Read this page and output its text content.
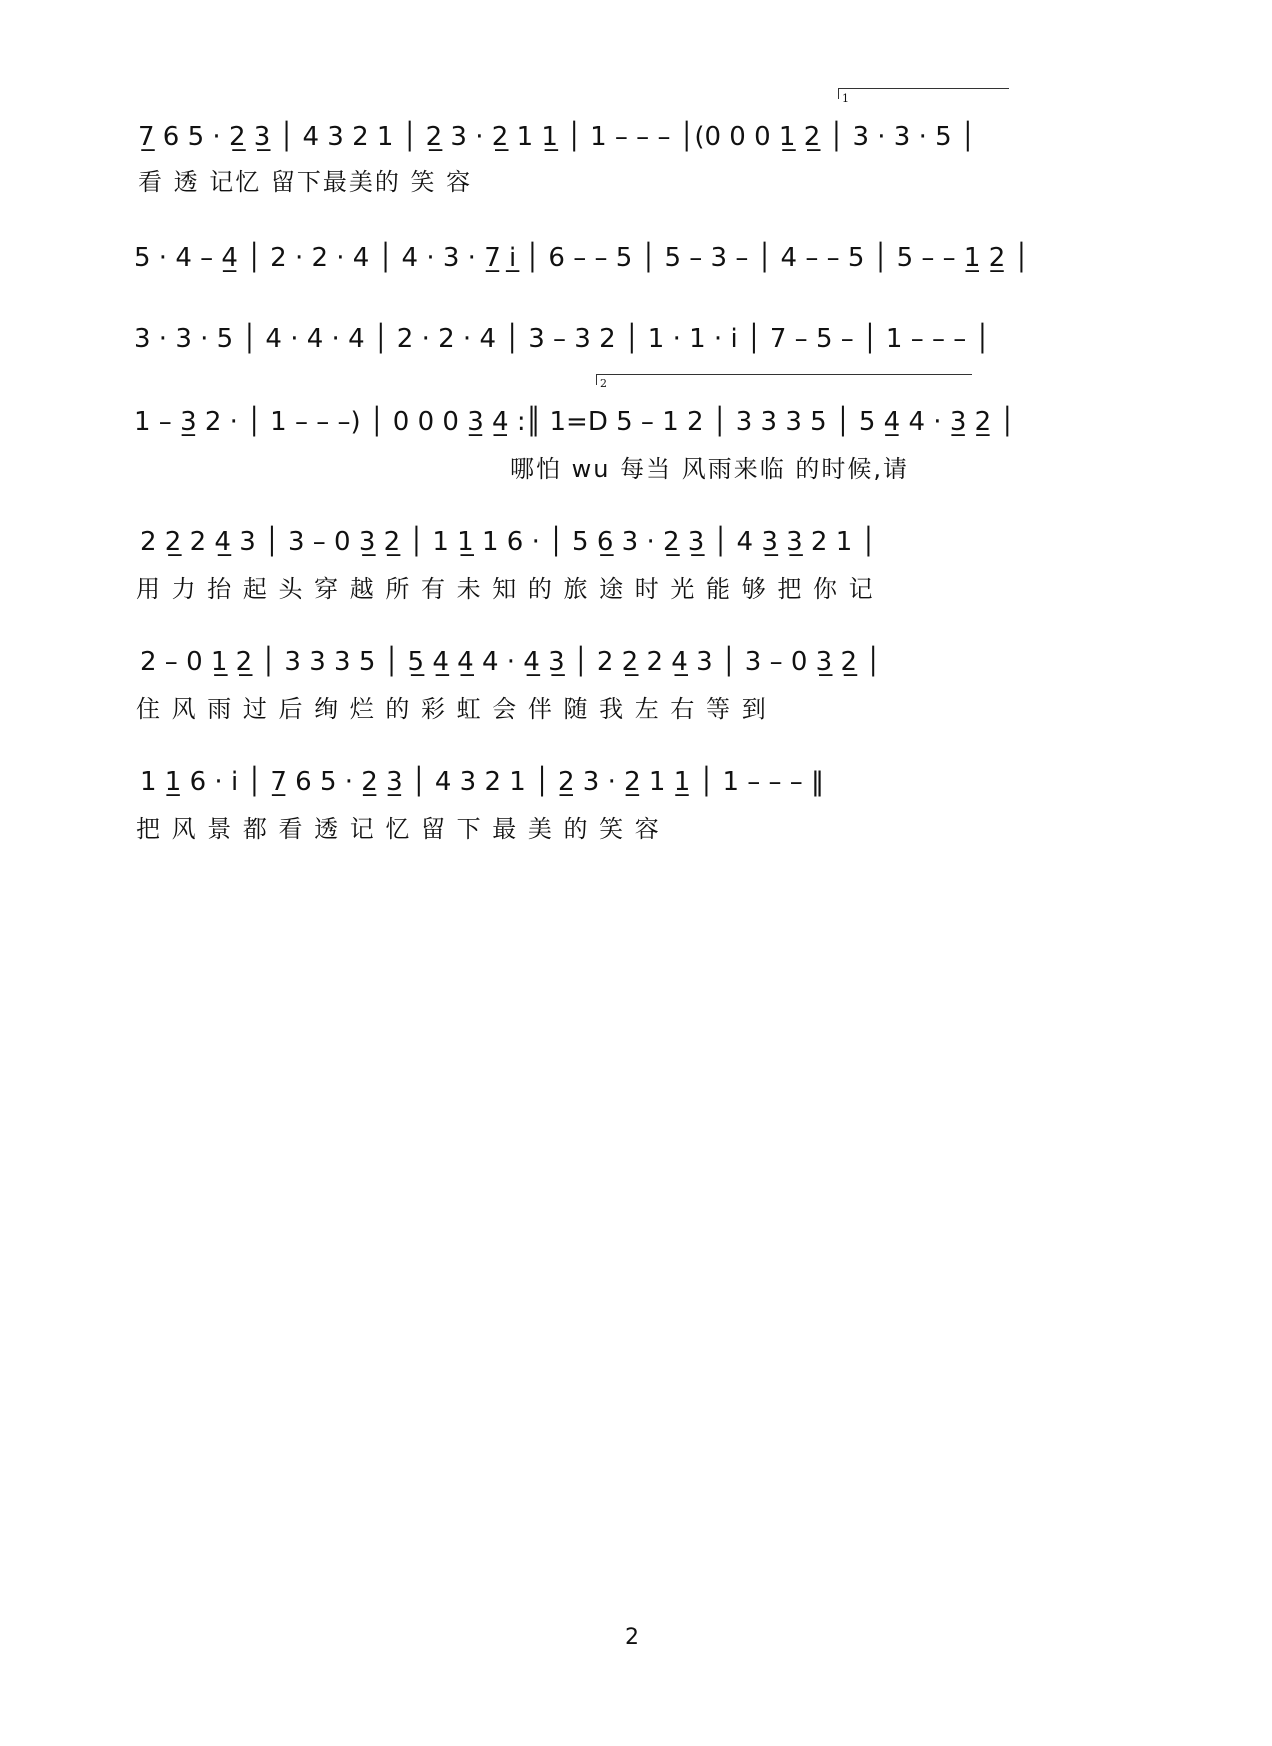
1
2
7̲ 6 5 · 2̲ 3̲ │ 4 3 2 1 │ 2̲ 3 · 2̲ 1 1̲ │ 1 – – – │(0 0 0 1̲ 2̲ │ 3 · 3 · 5 │
看 透 记忆 留下最美的 笑 容
5 · 4 – 4̲ │ 2 · 2 · 4 │ 4 · 3 · 7̲ i̲̇ │ 6 – – 5 │ 5 – 3 – │ 4 – – 5 │ 5 – – 1̲ 2̲ │
3 · 3 · 5 │ 4 · 4 · 4 │ 2 · 2 · 4 │ 3 – 3 2 │ 1 · 1 · i̇ │ 7 – 5 – │ 1 – – – │
1 – 3̲ 2 · │ 1 – – –) │ 0 0 0 3̲ 4̲ :║ 1=D 5 – 1 2 │ 3 3 3 5 │ 5 4̲ 4 · 3̲ 2̲ │
哪怕 wu 每当 风雨来临 的时候,请
2 2̲ 2 4̲ 3 │ 3 – 0 3̲ 2̲ │ 1 1̲ 1 6 · │ 5 6̲ 3 · 2̲ 3̲ │ 4 3̲ 3̲ 2 1 │
用 力 抬 起 头 穿 越 所 有 未 知 的 旅 途 时 光 能 够 把 你 记
2 – 0 1̲ 2̲ │ 3 3 3 5 │ 5̲ 4̲ 4̲ 4 · 4̲ 3̲ │ 2 2̲ 2 4̲ 3 │ 3 – 0 3̲ 2̲ │
住 风 雨 过 后 绚 烂 的 彩 虹 会 伴 随 我 左 右 等 到
1 1̲ 6 · i̇ │ 7̲ 6 5 · 2̲ 3̲ │ 4 3 2 1 │ 2̲ 3 · 2̲ 1 1̲ │ 1 – – – ‖
把 风 景 都 看 透 记 忆 留 下 最 美 的 笑 容
2
